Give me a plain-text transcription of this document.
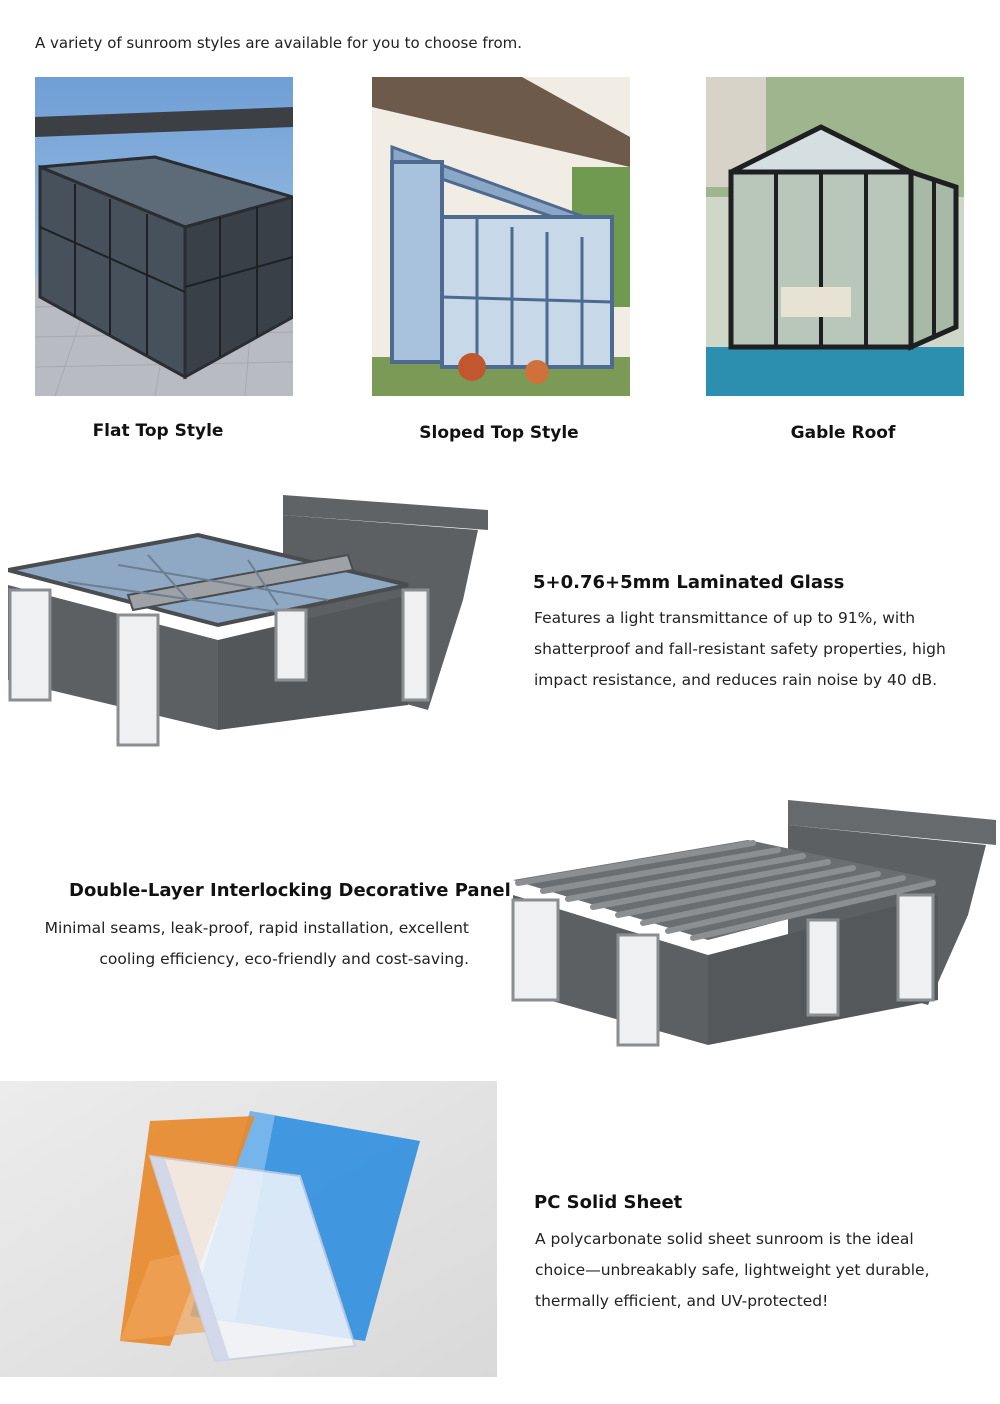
A variety of sunroom styles are available for you to choose from.
Flat Top Style	Sloped Top Style	Gable Roof
5+0.76+5mm Laminated Glass
Features a light transmittance of up to 91%, with
shatterproof and fall-resistant safety properties, high
impact resistance, and reduces rain noise by 40 dB.
Double-Layer Interlocking Decorative Panel
Minimal seams, leak-proof, rapid installation, excellent
cooling efficiency, eco-friendly and cost-saving.
PC Solid Sheet
A polycarbonate solid sheet sunroom is the ideal
choice—unbreakably safe, lightweight yet durable,
thermally efficient, and UV-protected!
